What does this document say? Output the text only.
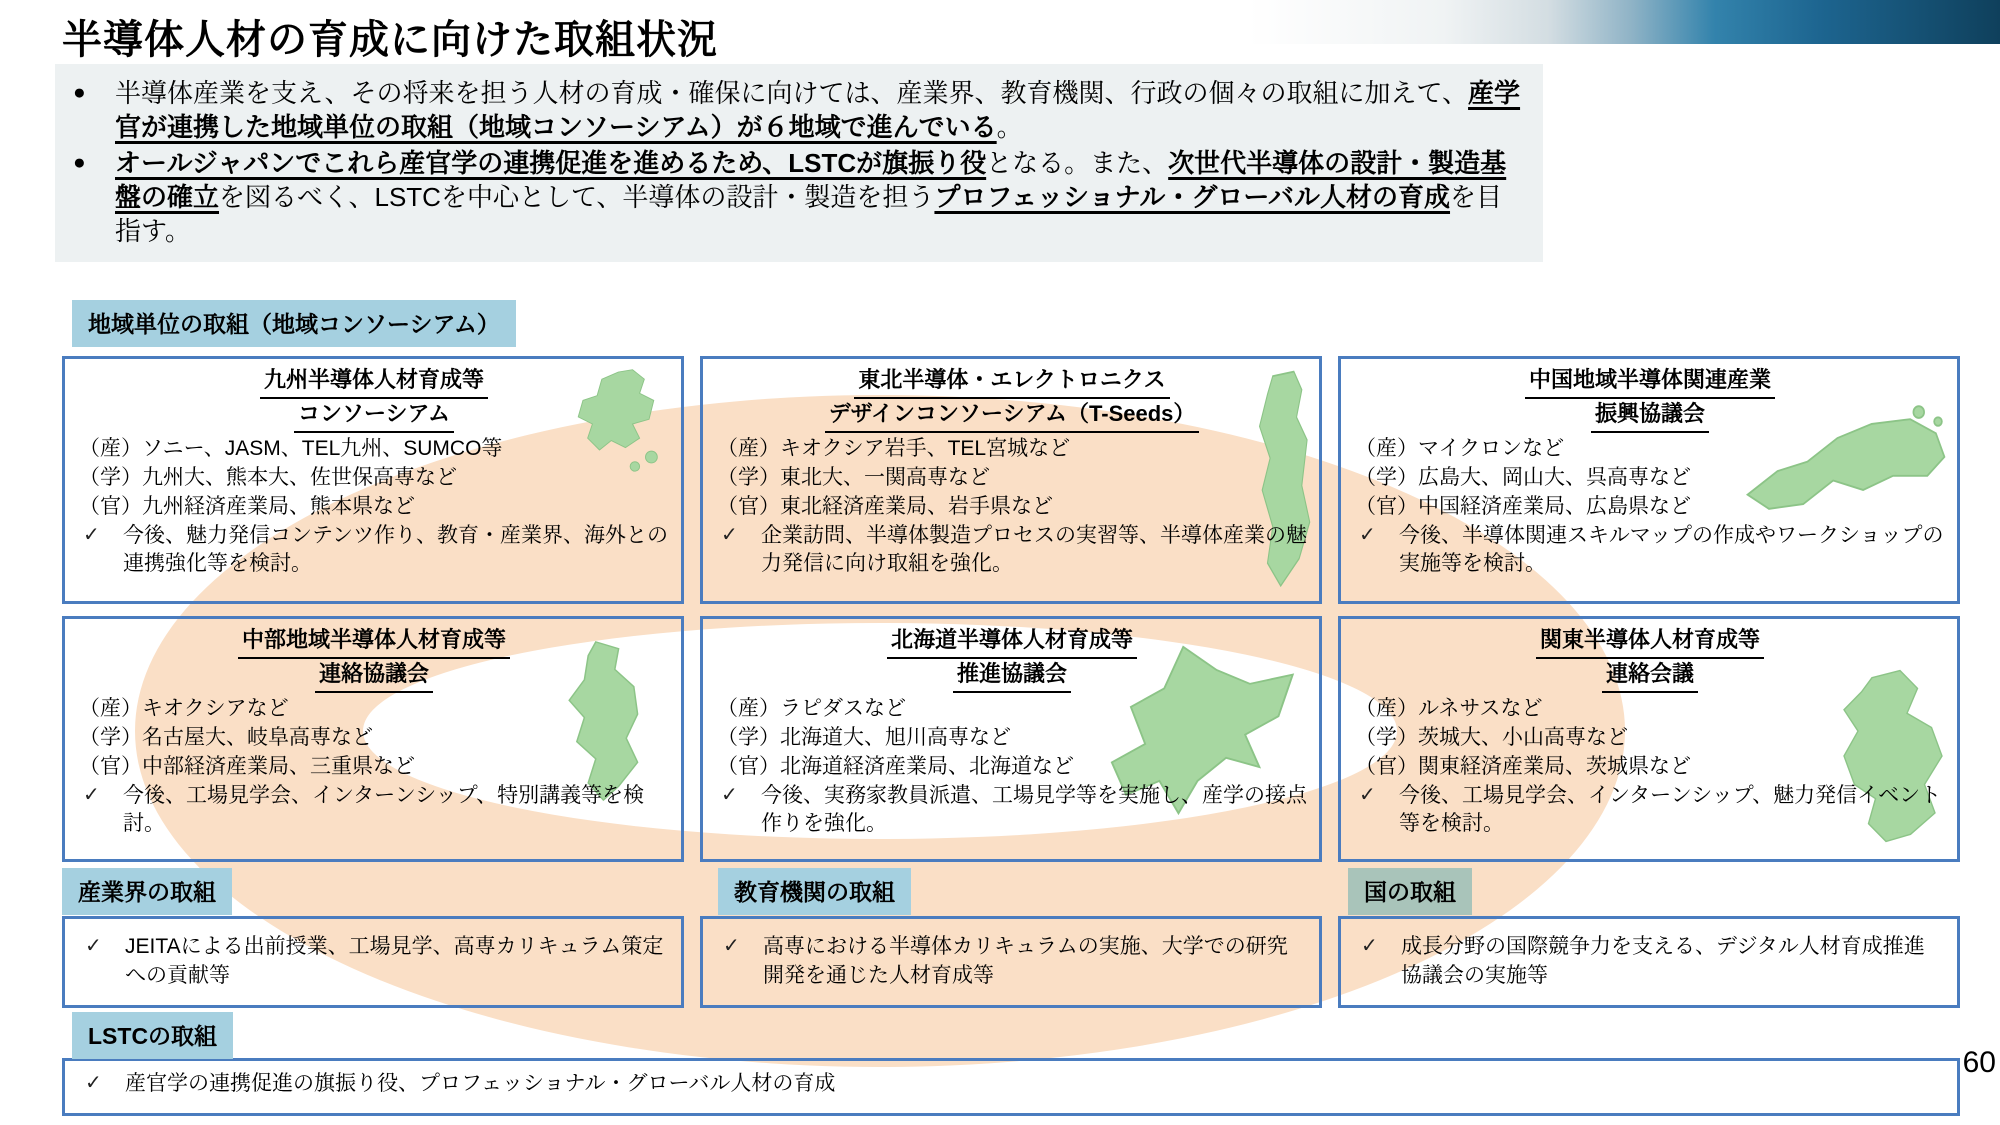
半導体人材の育成に向けた取組状況
● 半導体産業を支え、その将来を担う人材の育成・確保に向けては、産業界、教育機関、行政の個々の取組に加えて、産学官が連携した地域単位の取組（地域コンソーシアム）が６地域で進んでいる。
● オールジャパンでこれら産官学の連携促進を進めるため、LSTCが旗振り役となる。また、次世代半導体の設計・製造基盤の確立を図るべく、LSTCを中心として、半導体の設計・製造を担うプロフェッショナル・グローバル人材の育成を目指す。
地域単位の取組（地域コンソーシアム）
九州半導体人材育成等
コンソーシアム
（産）ソニー、JASM、TEL九州、SUMCO等
（学）九州大、熊本大、佐世保高専など
（官）九州経済産業局、熊本県など
✓	今後、魅力発信コンテンツ作り、教育・産業界、海外との連携強化等を検討。
東北半導体・エレクトロニクス
デザインコンソーシアム（T-Seeds）
（産）キオクシア岩手、TEL宮城など
（学）東北大、一関高専など
（官）東北経済産業局、岩手県など
✓	企業訪問、半導体製造プロセスの実習等、半導体産業の魅力発信に向け取組を強化。
中国地域半導体関連産業
振興協議会
（産）マイクロンなど
（学）広島大、岡山大、呉高専など
（官）中国経済産業局、広島県など
✓	今後、半導体関連スキルマップの作成やワークショップの実施等を検討。
中部地域半導体人材育成等
連絡協議会
（産）キオクシアなど
（学）名古屋大、岐阜高専など
（官）中部経済産業局、三重県など
✓	今後、工場見学会、インターンシップ、特別講義等を検討。
北海道半導体人材育成等
推進協議会
（産）ラピダスなど
（学）北海道大、旭川高専など
（官）北海道経済産業局、北海道など
✓	今後、実務家教員派遣、工場見学等を実施し、産学の接点作りを強化。
関東半導体人材育成等
連絡会議
（産）ルネサスなど
（学）茨城大、小山高専など
（官）関東経済産業局、茨城県など
✓	今後、工場見学会、インターンシップ、魅力発信イベント等を検討。
産業界の取組	教育機関の取組	国の取組
✓	JEITAによる出前授業、工場見学、高専カリキュラム策定への貢献等
✓	高専における半導体カリキュラムの実施、大学での研究開発を通じた人材育成等
✓	成長分野の国際競争力を支える、デジタル人材育成推進協議会の実施等
LSTCの取組
✓	産官学の連携促進の旗振り役、プロフェッショナル・グローバル人材の育成
60
